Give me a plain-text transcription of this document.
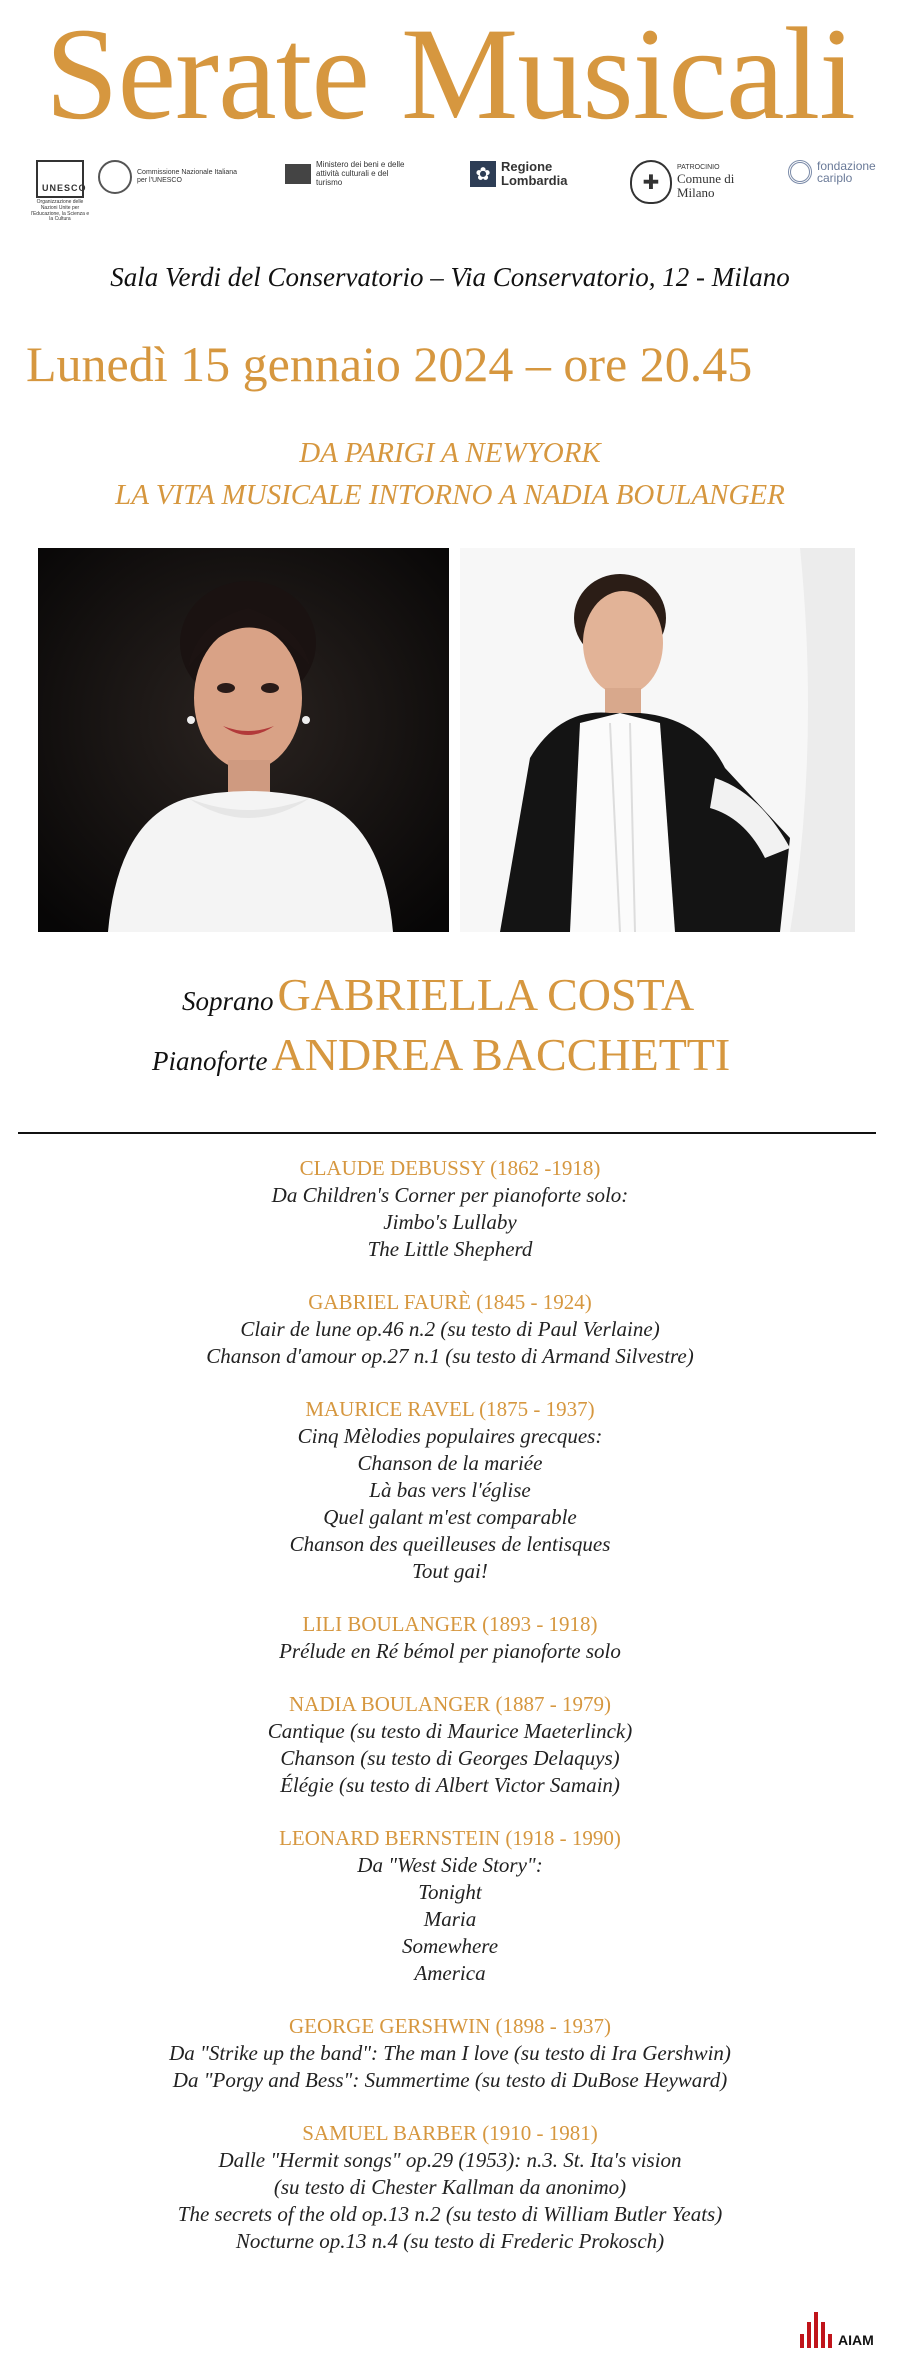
Serate Musicali
UNESCO
Organizzazione delle Nazioni Unite per l'Educazione, la Scienza e la Cultura
Commissione Nazionale Italiana per l'UNESCO
Ministero dei beni e delle attività culturali e del turismo	✿ Regione Lombardia	✚
PATROCINIO
Comune di Milano
fondazione cariplo
Sala Verdi del Conservatorio – Via Conservatorio, 12 - Milano
Lunedì 15 gennaio 2024 – ore 20.45
DA PARIGI A NEWYORK
LA VITA MUSICALE INTORNO A NADIA BOULANGER
Soprano GABRIELLA COSTA
Pianoforte ANDREA BACCHETTI
CLAUDE DEBUSSY (1862 -1918)
Da Children's Corner per pianoforte solo:
Jimbo's Lullaby
The Little Shepherd
GABRIEL FAURÈ (1845 - 1924)
Clair de lune op.46 n.2 (su testo di Paul Verlaine)
Chanson d'amour op.27 n.1 (su testo di Armand Silvestre)
MAURICE RAVEL (1875 - 1937)
Cinq Mèlodies populaires grecques:
Chanson de la mariée
Là bas vers l'église
Quel galant m'est comparable
Chanson des queilleuses de lentisques
Tout gai!
LILI BOULANGER (1893 - 1918)
Prélude en Ré bémol per pianoforte solo
NADIA BOULANGER (1887 - 1979)
Cantique (su testo di Maurice Maeterlinck)
Chanson (su testo di Georges Delaquys)
Élégie (su testo di Albert Victor Samain)
LEONARD BERNSTEIN (1918 - 1990)
Da "West Side Story":
Tonight
Maria
Somewhere
America
GEORGE GERSHWIN (1898 - 1937)
Da "Strike up the band": The man I love (su testo di Ira Gershwin)
Da "Porgy and Bess": Summertime (su testo di DuBose Heyward)
SAMUEL BARBER (1910 - 1981)
Dalle "Hermit songs" op.29 (1953): n.3. St. Ita's vision
(su testo di Chester Kallman da anonimo)
The secrets of the old op.13 n.2 (su testo di William Butler Yeats)
Nocturne op.13 n.4 (su testo di Frederic Prokosch)
AIAM
